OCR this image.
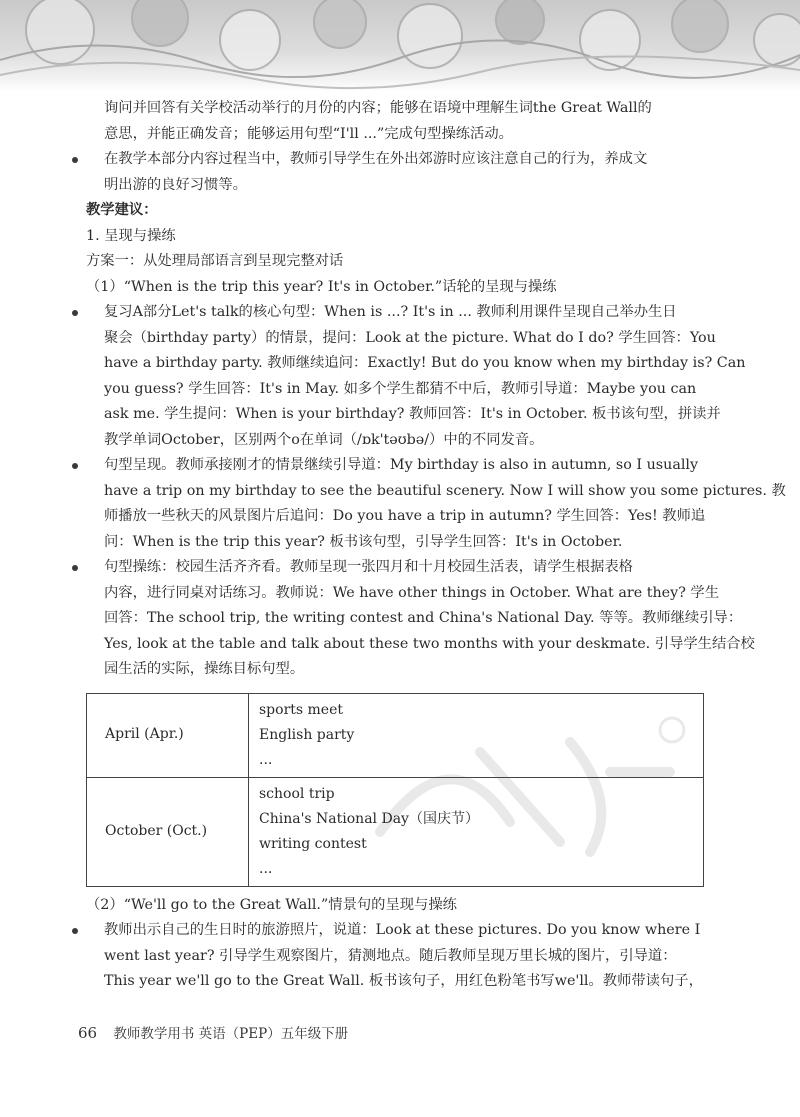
询问并回答有关学校活动举行的月份的内容；能够在语境中理解生词the Great Wall的
意思，并能正确发音；能够运用句型“I'll ...”完成句型操练活动。
在教学本部分内容过程当中，教师引导学生在外出郊游时应该注意自己的行为，养成文
明出游的良好习惯等。
教学建议：
1. 呈现与操练
方案一：从处理局部语言到呈现完整对话
（1）“When is the trip this year? It's in October.”话轮的呈现与操练
复习A部分Let's talk的核心句型：When is ...? It's in ... 教师利用课件呈现自己举办生日
聚会（birthday party）的情景，提问：Look at the picture. What do I do? 学生回答：You
have a birthday party. 教师继续追问：Exactly! But do you know when my birthday is? Can
you guess? 学生回答：It's in May. 如多个学生都猜不中后，教师引导道：Maybe you can
ask me. 学生提问：When is your birthday? 教师回答：It's in October. 板书该句型，拼读并
教学单词October，区别两个o在单词（/ɒk'təʊbə/）中的不同发音。
句型呈现。教师承接刚才的情景继续引导道：My birthday is also in autumn, so I usually
have a trip on my birthday to see the beautiful scenery. Now I will show you some pictures. 教
师播放一些秋天的风景图片后追问：Do you have a trip in autumn? 学生回答：Yes! 教师追
问：When is the trip this year? 板书该句型，引导学生回答：It's in October.
句型操练：校园生活齐齐看。教师呈现一张四月和十月校园生活表，请学生根据表格
内容，进行同桌对话练习。教师说：We have other things in October. What are they? 学生
回答：The school trip, the writing contest and China's National Day. 等等。教师继续引导：
Yes, look at the table and talk about these two months with your deskmate. 引导学生结合校
园生活的实际，操练目标句型。
April (Apr.)	sports meet
English party
...

October (Oct.)	school trip
China's National Day（国庆节）
writing contest
...
（2）“We'll go to the Great Wall.”情景句的呈现与操练
教师出示自己的生日时的旅游照片，说道：Look at these pictures. Do you know where I
went last year? 引导学生观察图片，猜测地点。随后教师呈现万里长城的图片，引导道：
This year we'll go to the Great Wall. 板书该句子，用红色粉笔书写we'll。教师带读句子，
66 教师教学用书 英语（PEP）五年级下册
